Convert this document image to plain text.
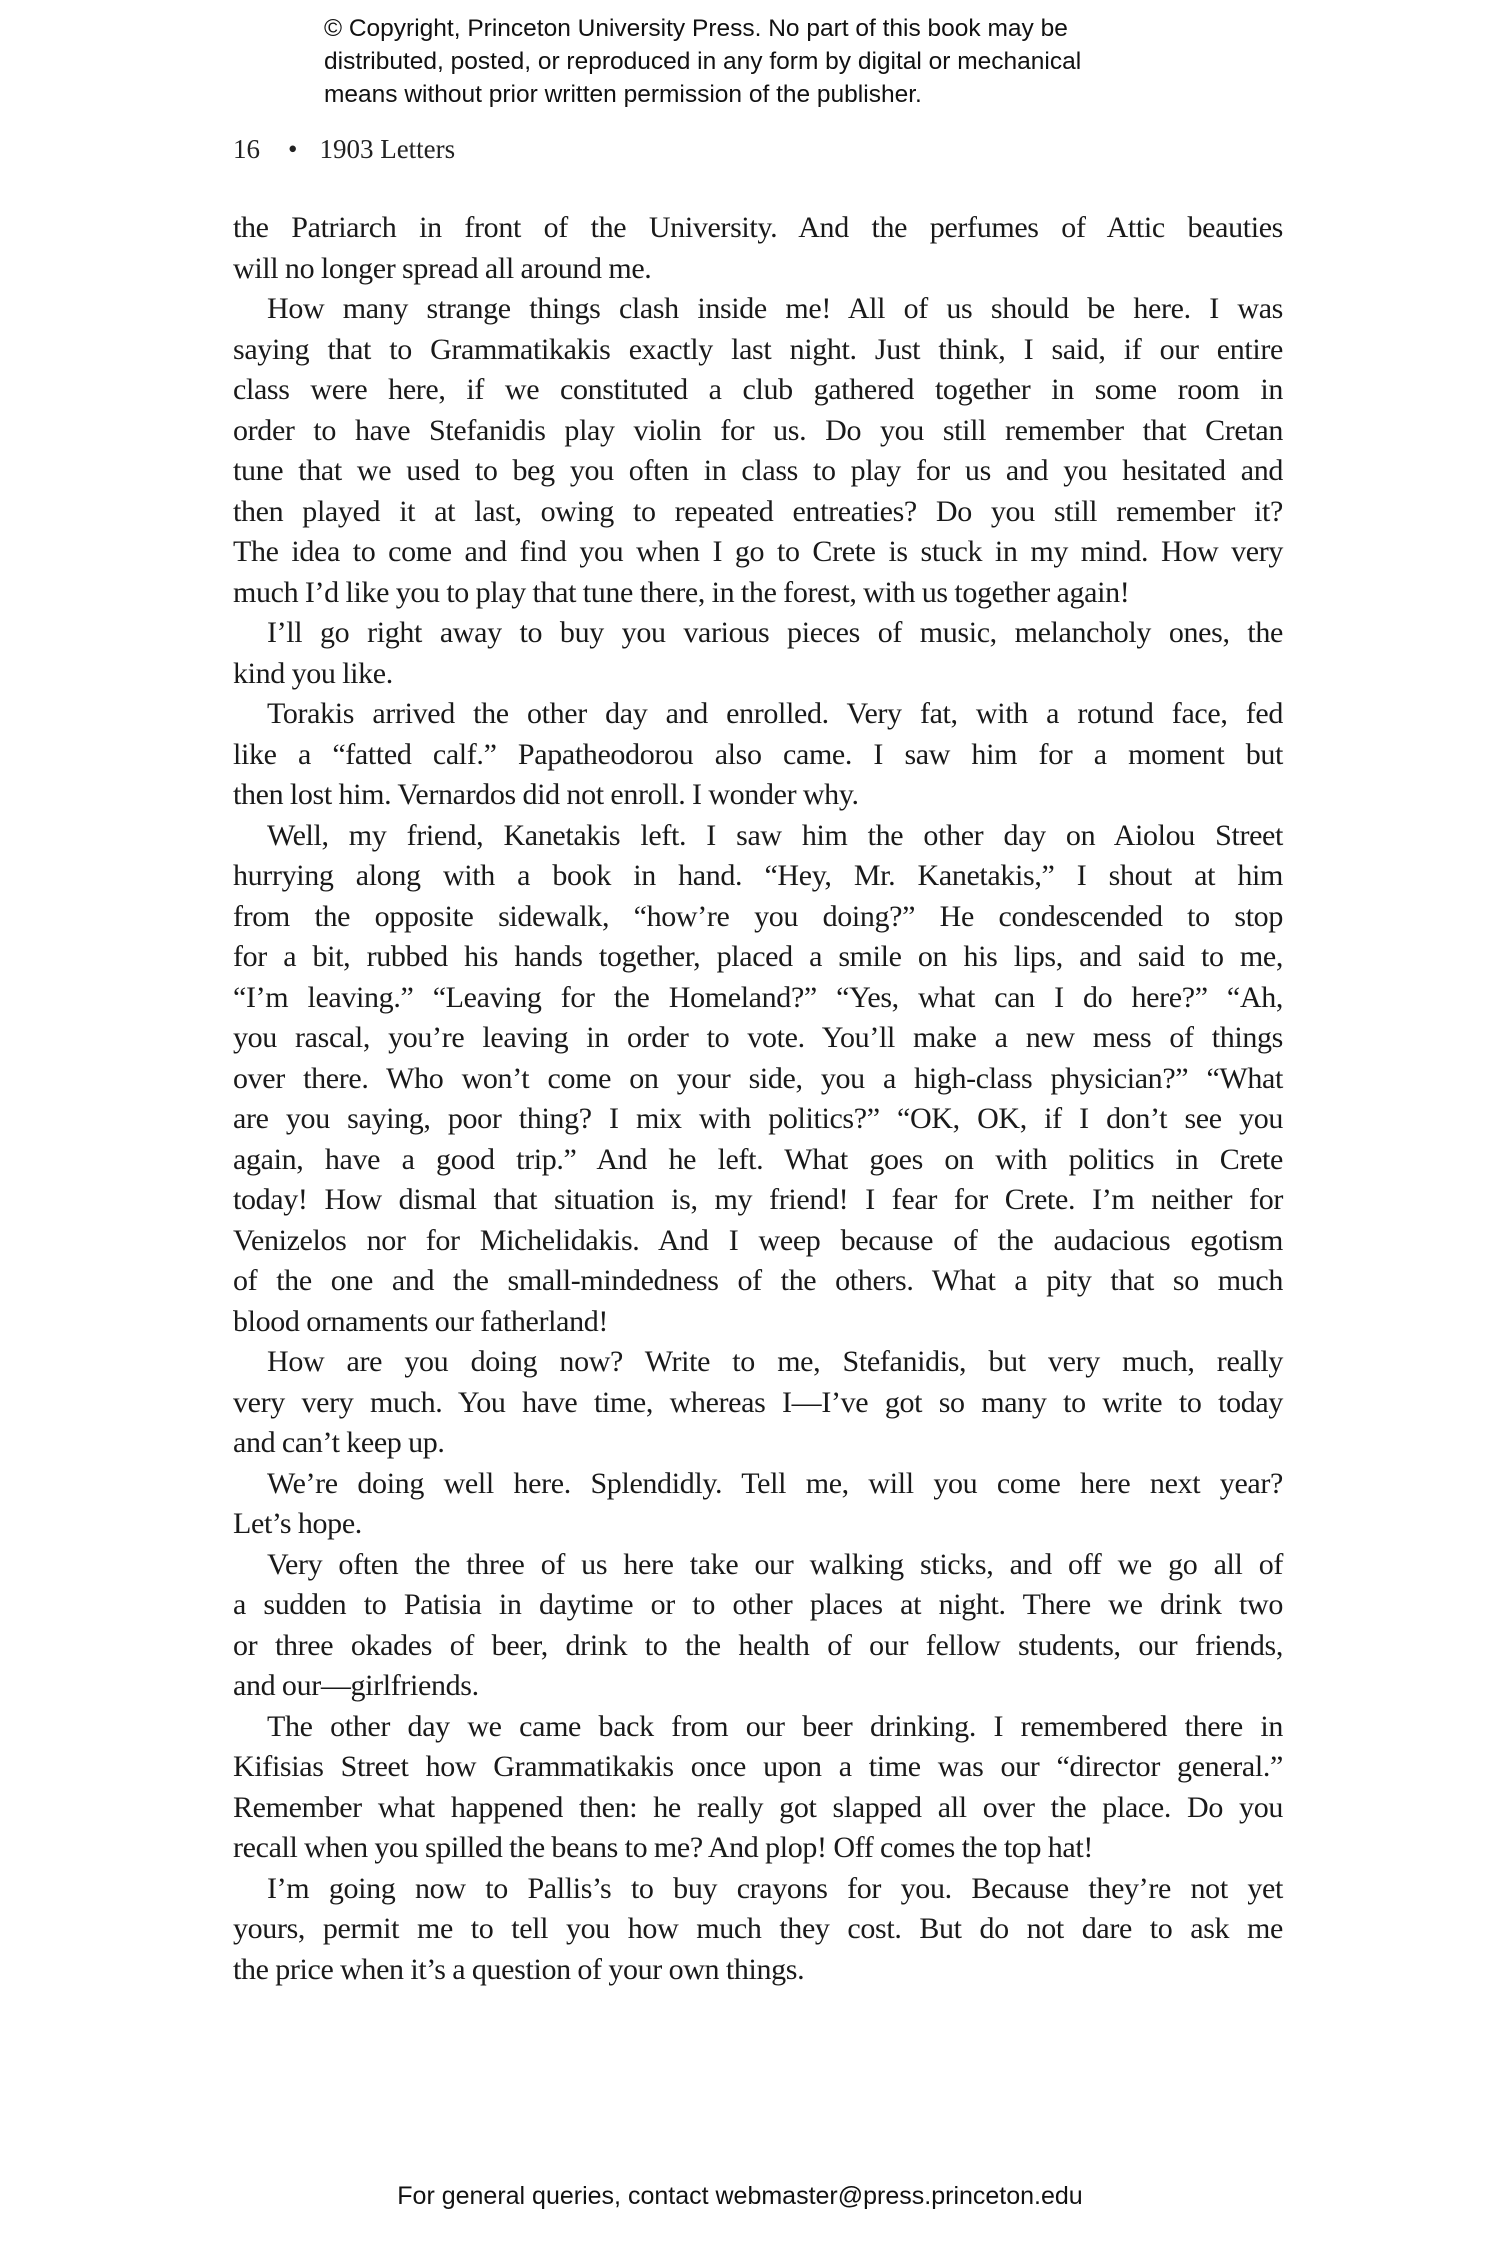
© Copyright, Princeton University Press. No part of this book may be
distributed, posted, or reproduced in any form by digital or mechanical
means without prior written permission of the publisher.
16 • 1903 Letters
the Patriarch in front of the University. And the perfumes of Attic beauties
will no longer spread all around me.
How many strange things clash inside me! All of us should be here. I was
saying that to Grammatikakis exactly last night. Just think, I said, if our entire
class were here, if we constituted a club gathered together in some room in
order to have Stefanidis play violin for us. Do you still remember that Cretan
tune that we used to beg you often in class to play for us and you hesitated and
then played it at last, owing to repeated entreaties? Do you still remember it?
The idea to come and find you when I go to Crete is stuck in my mind. How very
much I’d like you to play that tune there, in the forest, with us together again!
I’ll go right away to buy you various pieces of music, melancholy ones, the
kind you like.
Torakis arrived the other day and enrolled. Very fat, with a rotund face, fed
like a “fatted calf.” Papatheodorou also came. I saw him for a moment but
then lost him. Vernardos did not enroll. I wonder why.
Well, my friend, Kanetakis left. I saw him the other day on Aiolou Street
hurrying along with a book in hand. “Hey, Mr. Kanetakis,” I shout at him
from the opposite sidewalk, “how’re you doing?” He condescended to stop
for a bit, rubbed his hands together, placed a smile on his lips, and said to me,
“I’m leaving.” “Leaving for the Homeland?” “Yes, what can I do here?” “Ah,
you rascal, you’re leaving in order to vote. You’ll make a new mess of things
over there. Who won’t come on your side, you a high-class physician?” “What
are you saying, poor thing? I mix with politics?” “OK, OK, if I don’t see you
again, have a good trip.” And he left. What goes on with politics in Crete
today! How dismal that situation is, my friend! I fear for Crete. I’m neither for
Venizelos nor for Michelidakis. And I weep because of the audacious egotism
of the one and the small-mindedness of the others. What a pity that so much
blood ornaments our fatherland!
How are you doing now? Write to me, Stefanidis, but very much, really
very very much. You have time, whereas I—I’ve got so many to write to today
and can’t keep up.
We’re doing well here. Splendidly. Tell me, will you come here next year?
Let’s hope.
Very often the three of us here take our walking sticks, and off we go all of
a sudden to Patisia in daytime or to other places at night. There we drink two
or three okades of beer, drink to the health of our fellow students, our friends,
and our—girlfriends.
The other day we came back from our beer drinking. I remembered there in
Kifisias Street how Grammatikakis once upon a time was our “director general.”
Remember what happened then: he really got slapped all over the place. Do you
recall when you spilled the beans to me? And plop! Off comes the top hat!
I’m going now to Pallis’s to buy crayons for you. Because they’re not yet
yours, permit me to tell you how much they cost. But do not dare to ask me
the price when it’s a question of your own things.
For general queries, contact webmaster@press.princeton.edu
